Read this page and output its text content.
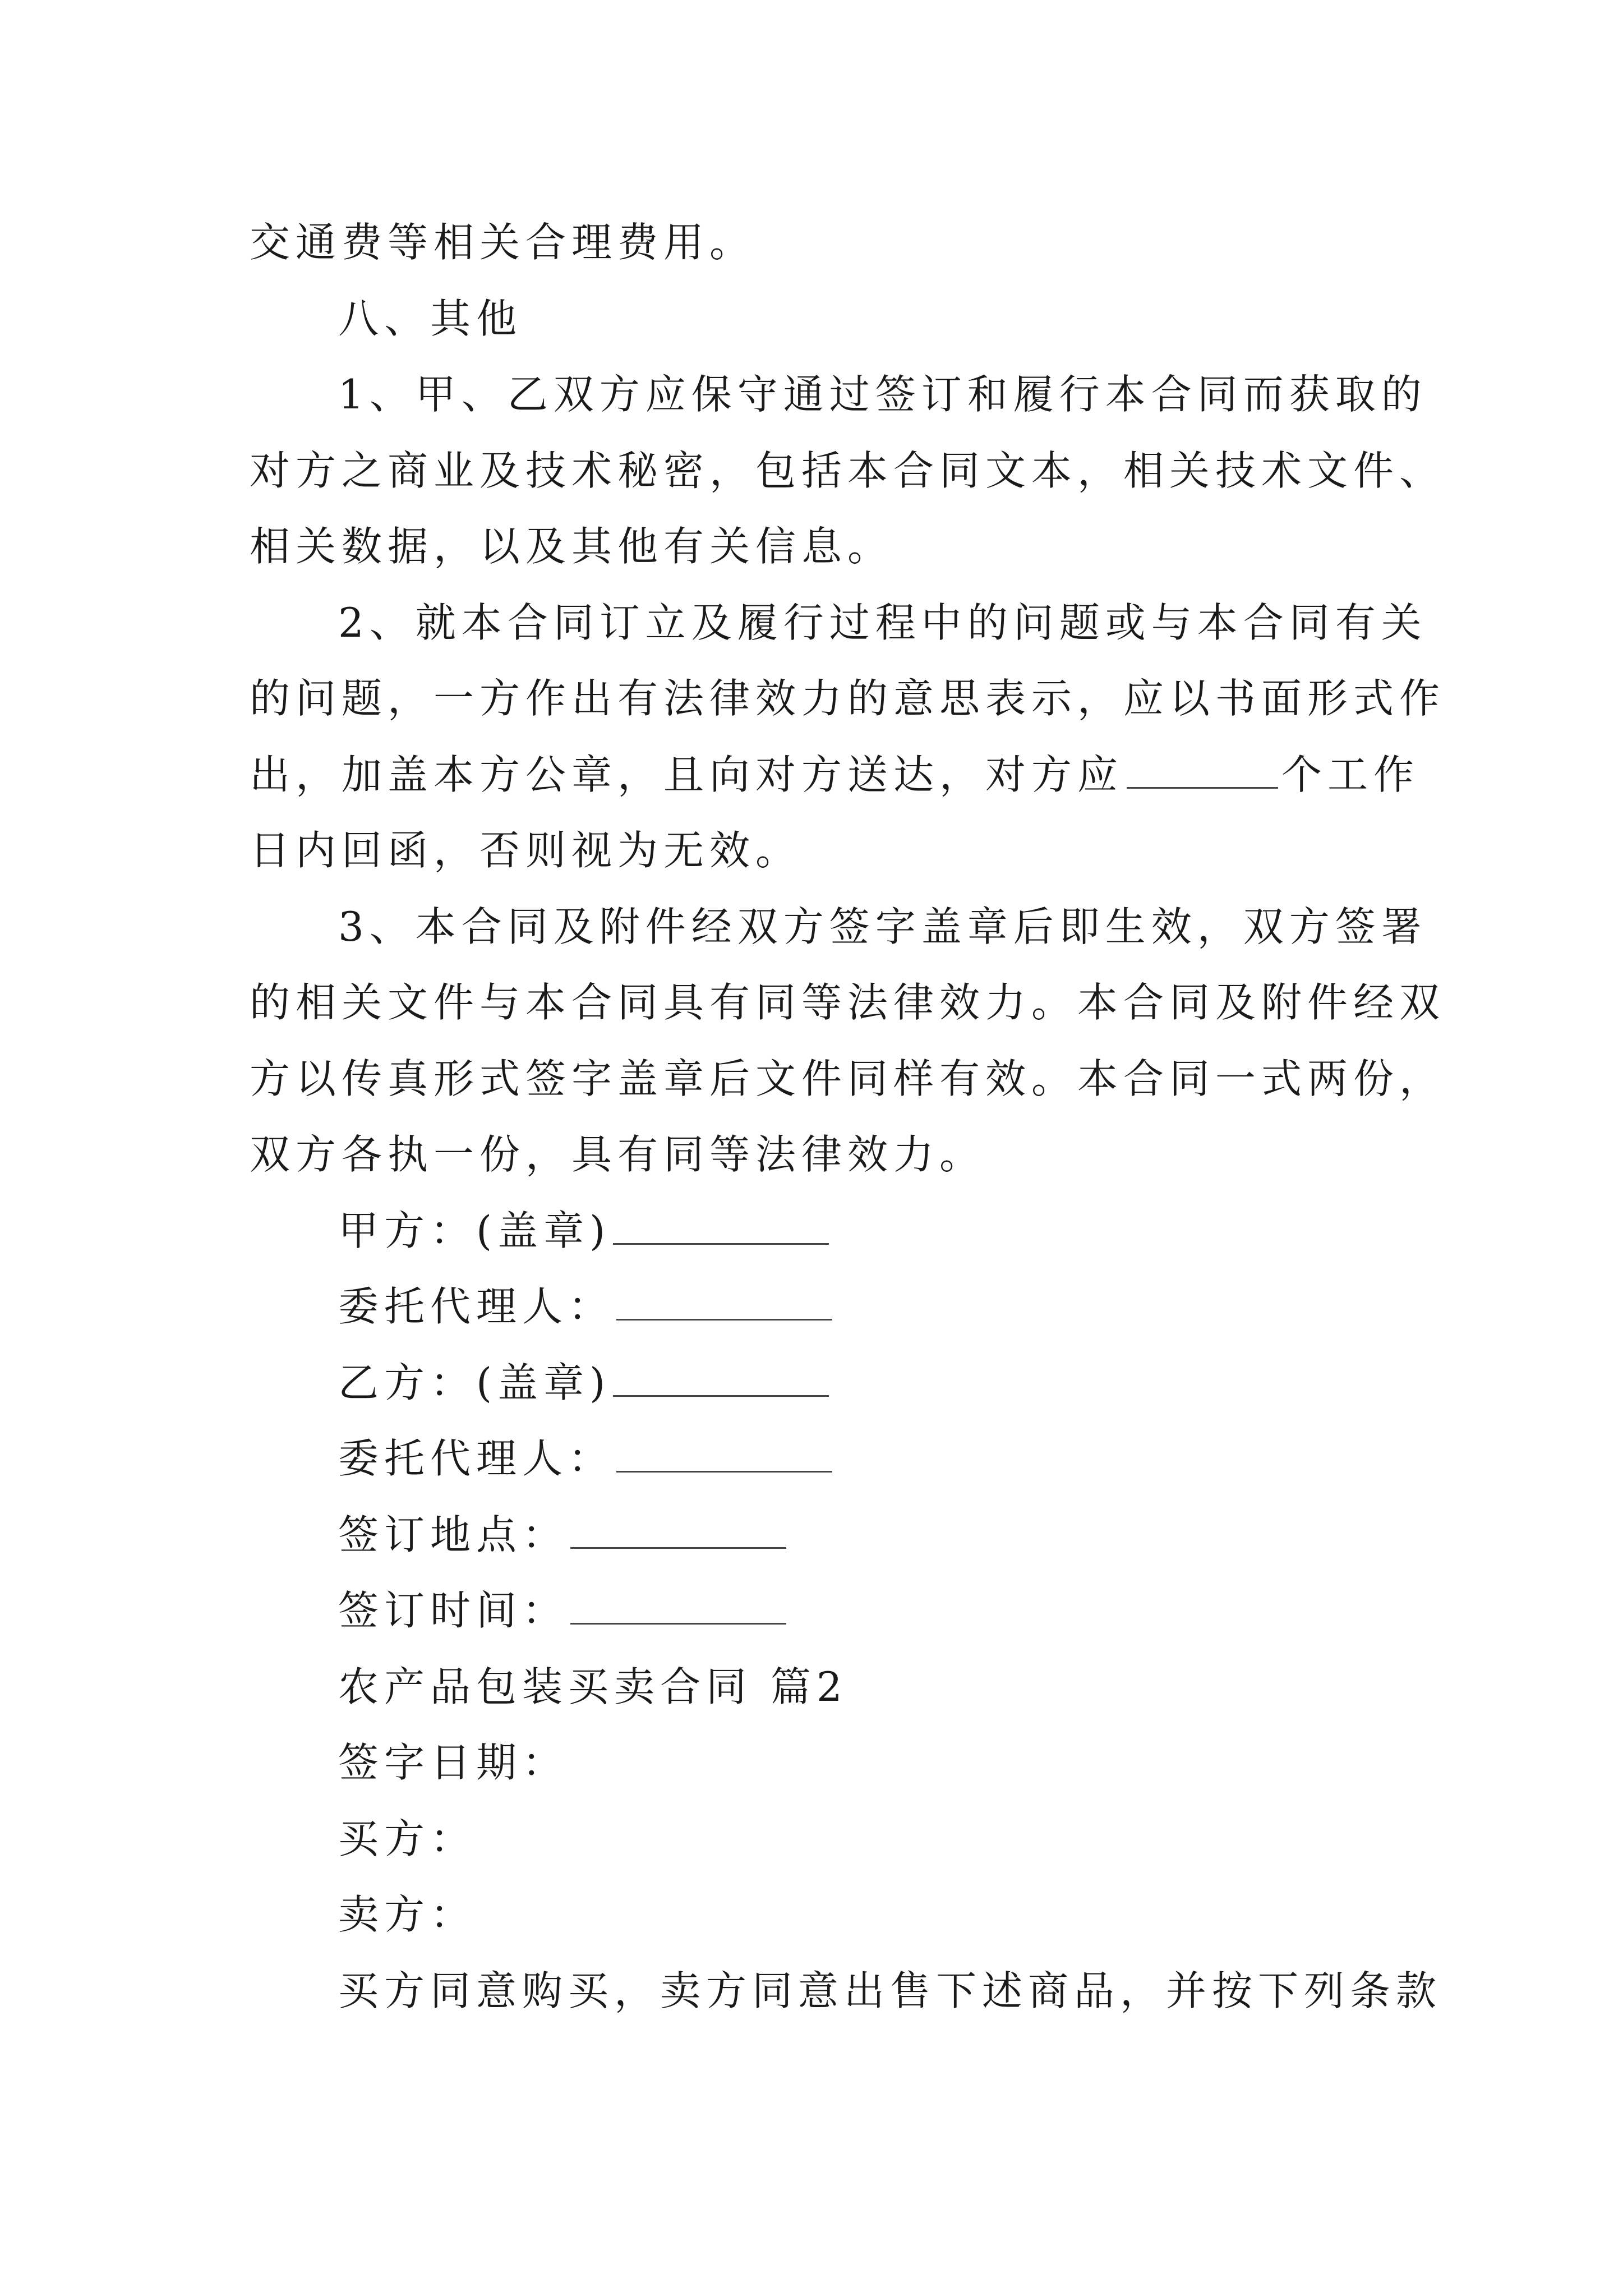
交通费等相关合理费用。
八、其他
1、甲、乙双方应保守通过签订和履行本合同而获取的
对方之商业及技术秘密，包括本合同文本，相关技术文件、
相关数据，以及其他有关信息。
2、就本合同订立及履行过程中的问题或与本合同有关
的问题，一方作出有法律效力的意思表示，应以书面形式作
出，加盖本方公章，且向对方送达，对方应	个工作
日内回函，否则视为无效。
3、本合同及附件经双方签字盖章后即生效，双方签署
的相关文件与本合同具有同等法律效力。本合同及附件经双
方以传真形式签字盖章后文件同样有效。本合同一式两份，
双方各执一份，具有同等法律效力。
甲方：(盖章)
委托代理人：
乙方：(盖章)
委托代理人：
签订地点：
签订时间：
农产品包装买卖合同 篇2
签字日期：
买方：
卖方：
买方同意购买，卖方同意出售下述商品，并按下列条款
